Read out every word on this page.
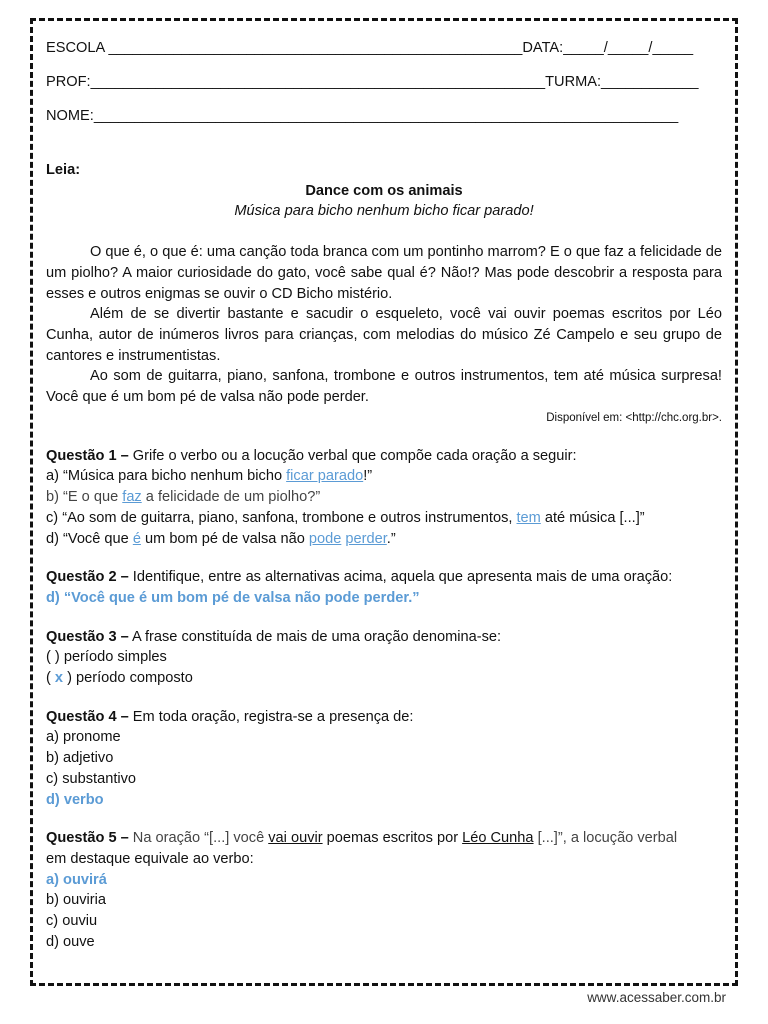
ESCOLA ___________________________________________________DATA:_____/_____/_____
PROF:________________________________________________________TURMA:____________
NOME:________________________________________________________________________
Leia:
Dance com os animais
Música para bicho nenhum bicho ficar parado!
O que é, o que é: uma canção toda branca com um pontinho marrom? E o que faz a felicidade de um piolho? A maior curiosidade do gato, você sabe qual é? Não!? Mas pode descobrir a resposta para esses e outros enigmas se ouvir o CD Bicho mistério.
Além de se divertir bastante e sacudir o esqueleto, você vai ouvir poemas escritos por Léo Cunha, autor de inúmeros livros para crianças, com melodias do músico Zé Campelo e seu grupo de cantores e instrumentistas.
Ao som de guitarra, piano, sanfona, trombone e outros instrumentos, tem até música surpresa! Você que é um bom pé de valsa não pode perder.
Disponível em: <http://chc.org.br>.
Questão 1 – Grife o verbo ou a locução verbal que compõe cada oração a seguir:
a) “Música para bicho nenhum bicho ficar parado!”
b) “E o que faz a felicidade de um piolho?”
c) “Ao som de guitarra, piano, sanfona, trombone e outros instrumentos, tem até música [...]”
d) “Você que é um bom pé de valsa não pode perder.”
Questão 2 – Identifique, entre as alternativas acima, aquela que apresenta mais de uma oração:
d) “Você que é um bom pé de valsa não pode perder.”
Questão 3 – A frase constituída de mais de uma oração denomina-se:
( ) período simples
( x ) período composto
Questão 4 – Em toda oração, registra-se a presença de:
a) pronome
b) adjetivo
c) substantivo
d) verbo
Questão 5 – Na oração “[...] você vai ouvir poemas escritos por Léo Cunha [...]”, a locução verbal
em destaque equivale ao verbo:
a) ouvirá
b) ouviria
c) ouviu
d) ouve
www.acessaber.com.br
